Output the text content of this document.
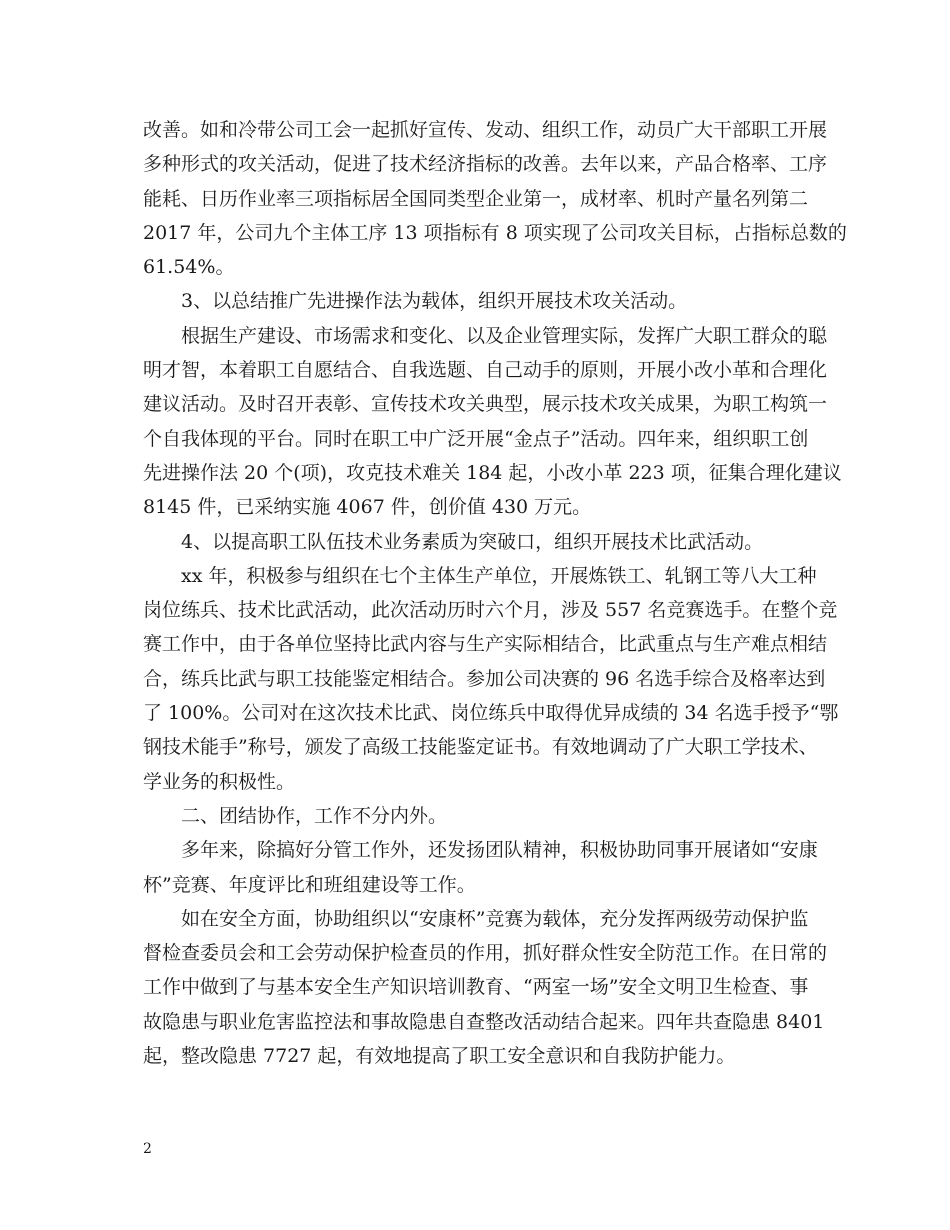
改善。如和冷带公司工会一起抓好宣传、发动、组织工作，动员广大干部职工开展
多种形式的攻关活动，促进了技术经济指标的改善。去年以来，产品合格率、工序
能耗、日历作业率三项指标居全国同类型企业第一，成材率、机时产量名列第二
2017 年，公司九个主体工序 13 项指标有 8 项实现了公司攻关目标，占指标总数的
61.54%。
3、以总结推广先进操作法为载体，组织开展技术攻关活动。
根据生产建设、市场需求和变化、以及企业管理实际，发挥广大职工群众的聪
明才智，本着职工自愿结合、自我选题、自己动手的原则，开展小改小革和合理化
建议活动。及时召开表彰、宣传技术攻关典型，展示技术攻关成果，为职工构筑一
个自我体现的平台。同时在职工中广泛开展“金点子”活动。四年来，组织职工创
先进操作法 20 个(项)，攻克技术难关 184 起，小改小革 223 项，征集合理化建议
8145 件，已采纳实施 4067 件，创价值 430 万元。
4、以提高职工队伍技术业务素质为突破口，组织开展技术比武活动。
xx 年，积极参与组织在七个主体生产单位，开展炼铁工、轧钢工等八大工种
岗位练兵、技术比武活动，此次活动历时六个月，涉及 557 名竞赛选手。在整个竞
赛工作中，由于各单位坚持比武内容与生产实际相结合，比武重点与生产难点相结
合，练兵比武与职工技能鉴定相结合。参加公司决赛的 96 名选手综合及格率达到
了 100%。公司对在这次技术比武、岗位练兵中取得优异成绩的 34 名选手授予“鄂
钢技术能手”称号，颁发了高级工技能鉴定证书。有效地调动了广大职工学技术、
学业务的积极性。
二、团结协作，工作不分内外。
多年来，除搞好分管工作外，还发扬团队精神，积极协助同事开展诸如“安康
杯”竞赛、年度评比和班组建设等工作。
如在安全方面，协助组织以“安康杯”竞赛为载体，充分发挥两级劳动保护监
督检查委员会和工会劳动保护检查员的作用，抓好群众性安全防范工作。在日常的
工作中做到了与基本安全生产知识培训教育、“两室一场”安全文明卫生检查、事
故隐患与职业危害监控法和事故隐患自查整改活动结合起来。四年共查隐患 8401
起，整改隐患 7727 起，有效地提高了职工安全意识和自我防护能力。
2
